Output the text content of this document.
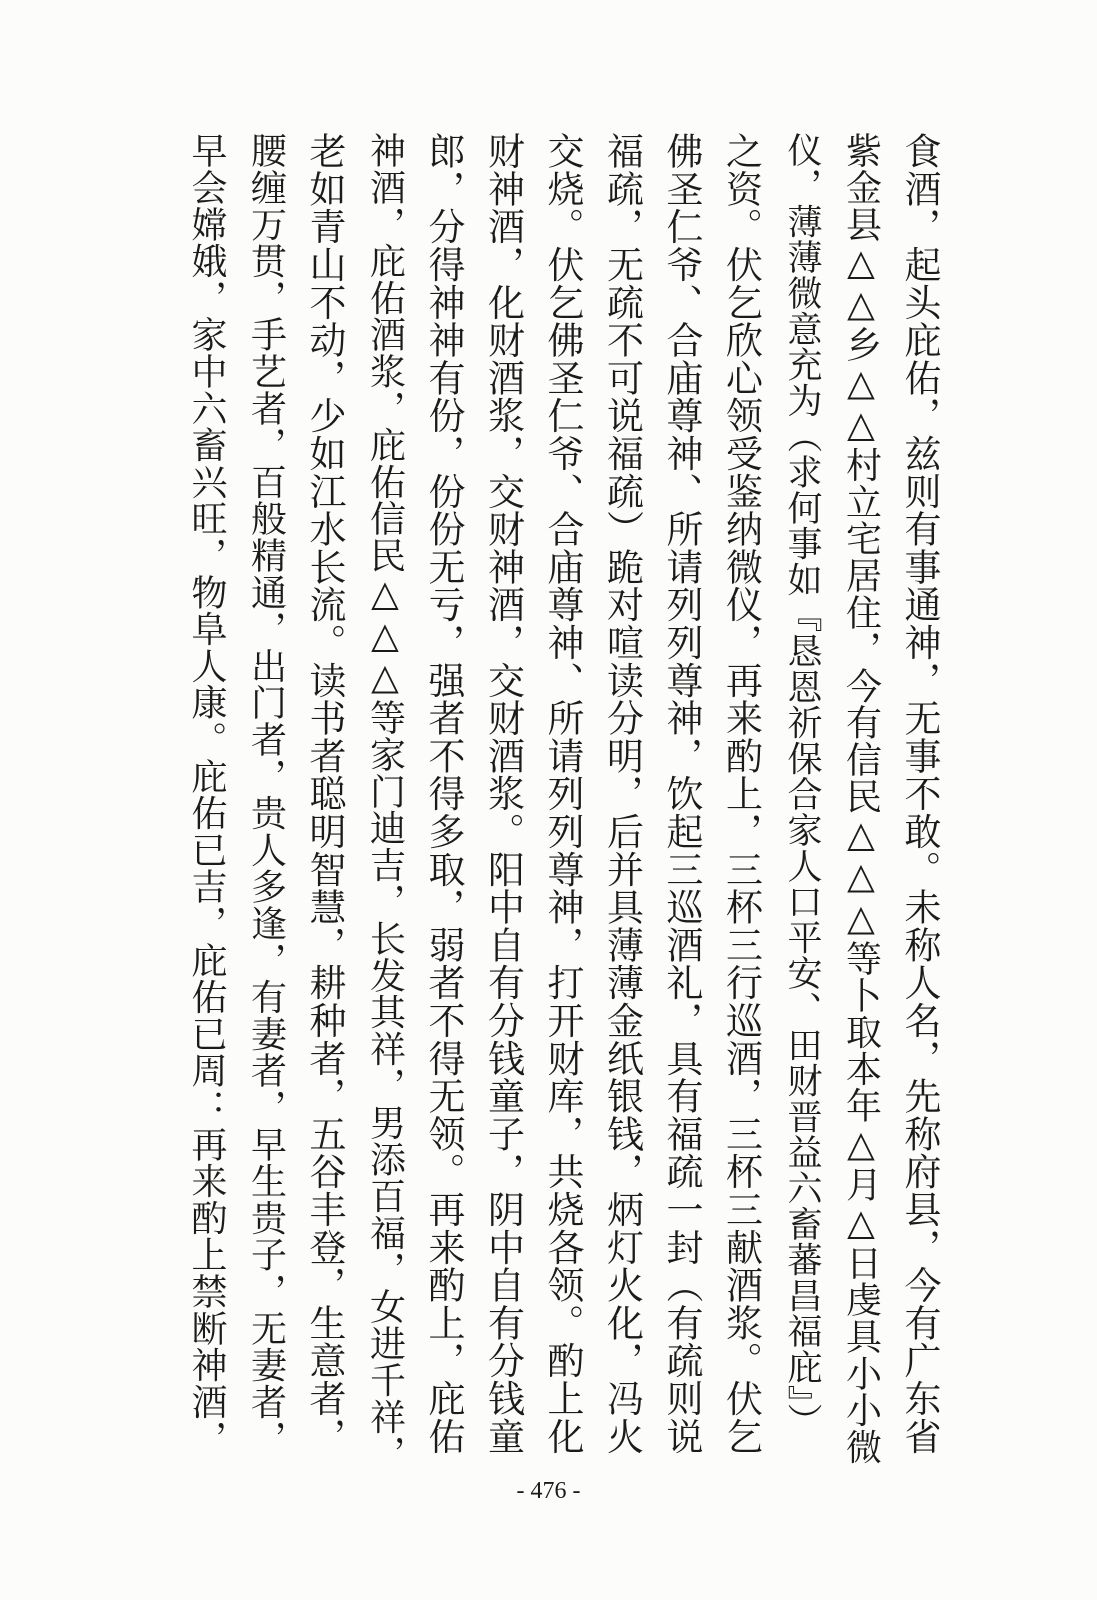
食酒，起头庇佑，兹则有事通神，无事不敢。未称人名，先称府县，今有广东省
紫金县△△乡△△村立宅居住，今有信民△△△等卜取本年△月△日虔具小小微
仪，薄薄微意充为（求何事如『恳恩祈保合家人口平安、田财晋益六畜蕃昌福庇』）
之资。伏乞欣心领受鉴纳微仪，再来酌上，三杯三行巡酒，三杯三献酒浆。伏乞
佛圣仁爷、合庙尊神、所请列列尊神，饮起三巡酒礼，具有福疏一封（有疏则说
福疏，无疏不可说福疏）跪对喧读分明，后并具薄薄金纸银钱，炳灯火化，冯火
交烧。伏乞佛圣仁爷、合庙尊神、所请列列尊神，打开财库，共烧各领。酌上化
财神酒，化财酒浆，交财神酒，交财酒浆。阳中自有分钱童子，阴中自有分钱童
郎，分得神神有份，份份无亏，强者不得多取，弱者不得无领。再来酌上，庇佑
神酒，庇佑酒浆，庇佑信民△△△等家门迪吉，长发其祥，男添百福，女进千祥，
老如青山不动，少如江水长流。读书者聪明智慧，耕种者，五谷丰登，生意者，
腰缠万贯，手艺者，百般精通，出门者，贵人多逢，有妻者，早生贵子，无妻者，
早会嫦娥，家中六畜兴旺，物阜人康。庇佑已吉，庇佑已周：再来酌上禁断神酒，
- 476 -
